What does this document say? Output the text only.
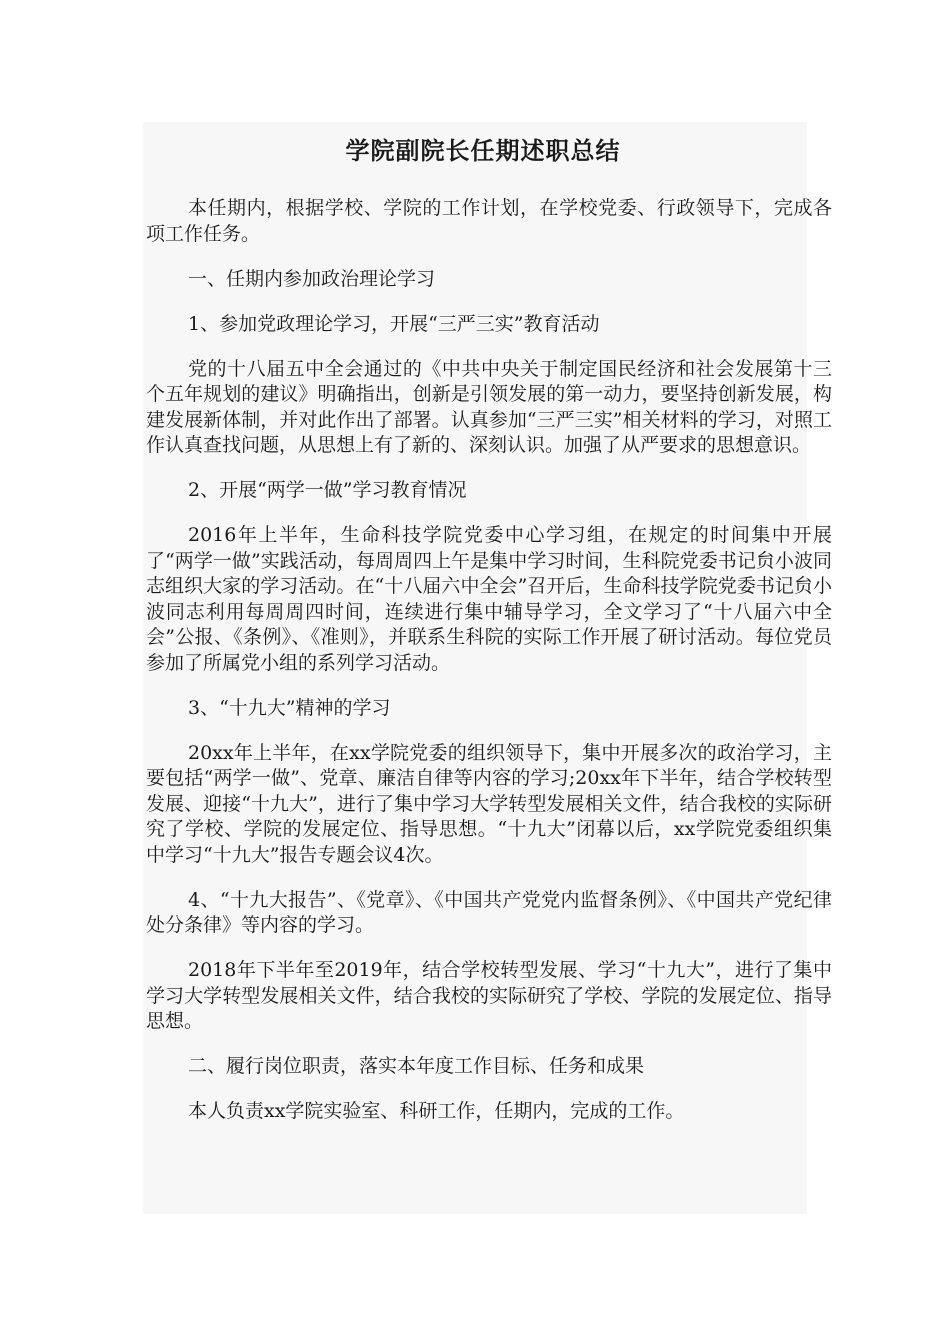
学院副院长任期述职总结

本任期内，根据学校、学院的工作计划，在学校党委、行政领导下，完成各项工作任务。

一、任期内参加政治理论学习

1、参加党政理论学习，开展“三严三实”教育活动

党的十八届五中全会通过的《中共中央关于制定国民经济和社会发展第十三个五年规划的建议》明确指出，创新是引领发展的第一动力，要坚持创新发展，构建发展新体制，并对此作出了部署。认真参加“三严三实”相关材料的学习，对照工作认真查找问题，从思想上有了新的、深刻认识。加强了从严要求的思想意识。

2、开展“两学一做”学习教育情况

2016年上半年，生命科技学院党委中心学习组，在规定的时间集中开展了“两学一做”实践活动，每周周四上午是集中学习时间，生科院党委书记贠小波同志组织大家的学习活动。在“十八届六中全会”召开后，生命科技学院党委书记贠小波同志利用每周周四时间，连续进行集中辅导学习，全文学习了“十八届六中全会”公报、《条例》、《准则》，并联系生科院的实际工作开展了研讨活动。每位党员参加了所属党小组的系列学习活动。

3、“十九大”精神的学习

20xx年上半年，在xx学院党委的组织领导下，集中开展多次的政治学习，主要包括“两学一做”、党章、廉洁自律等内容的学习;20xx年下半年，结合学校转型发展、迎接“十九大”，进行了集中学习大学转型发展相关文件，结合我校的实际研究了学校、学院的发展定位、指导思想。“十九大”闭幕以后，xx学院党委组织集中学习“十九大”报告专题会议4次。

4、“十九大报告”、《党章》、《中国共产党党内监督条例》、《中国共产党纪律处分条律》等内容的学习。

2018年下半年至2019年，结合学校转型发展、学习“十九大”，进行了集中学习大学转型发展相关文件，结合我校的实际研究了学校、学院的发展定位、指导思想。

二、履行岗位职责，落实本年度工作目标、任务和成果

本人负责xx学院实验室、科研工作，任期内，完成的工作。
